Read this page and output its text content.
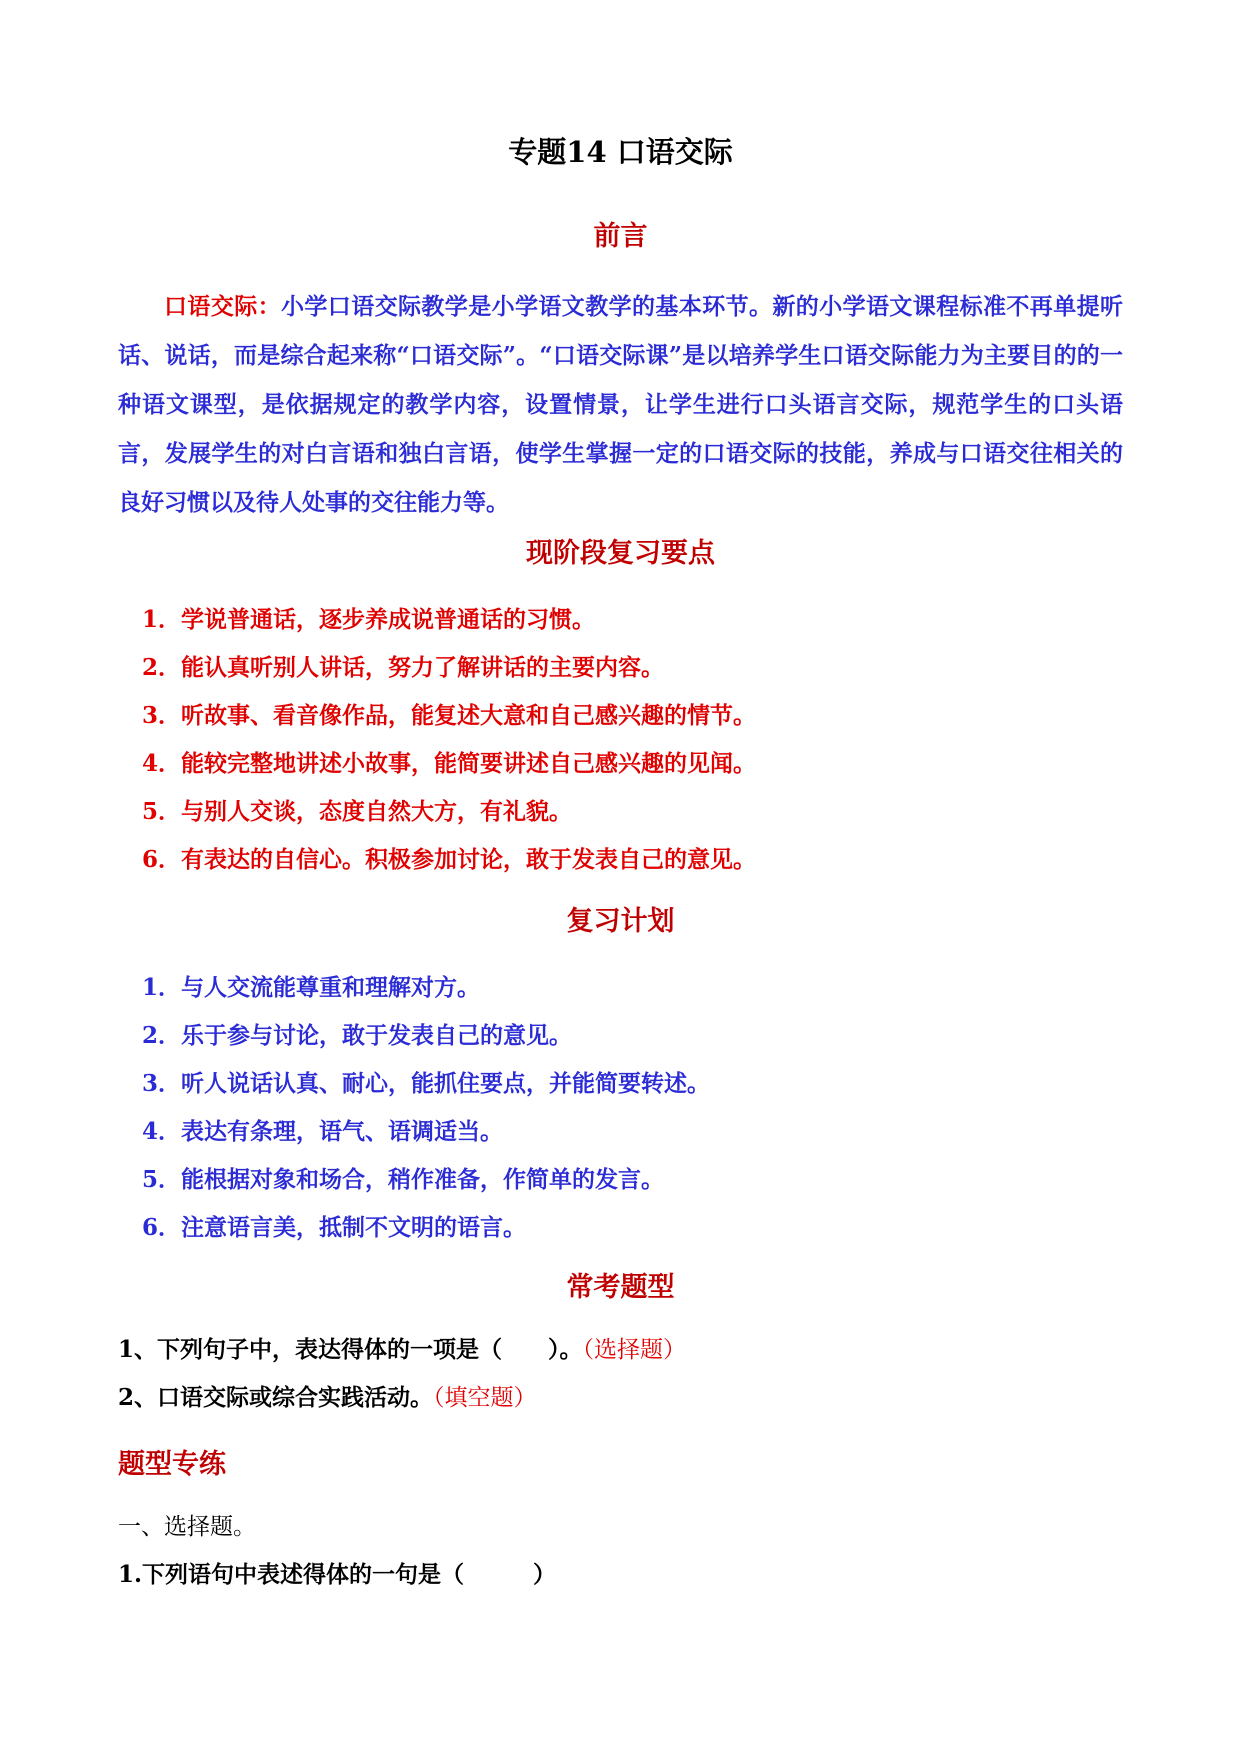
专题14 口语交际
前言
口语交际：小学口语交际教学是小学语文教学的基本环节。新的小学语文课程标准不再单提听话、说话，而是综合起来称“口语交际”。“口语交际课”是以培养学生口语交际能力为主要目的的一种语文课型，是依据规定的教学内容，设置情景，让学生进行口头语言交际，规范学生的口头语言，发展学生的对白言语和独白言语，使学生掌握一定的口语交际的技能，养成与口语交往相关的良好习惯以及待人处事的交往能力等。
现阶段复习要点
1．学说普通话，逐步养成说普通话的习惯。
2．能认真听别人讲话，努力了解讲话的主要内容。
3．听故事、看音像作品，能复述大意和自己感兴趣的情节。
4．能较完整地讲述小故事，能简要讲述自己感兴趣的见闻。
5．与别人交谈，态度自然大方，有礼貌。
6．有表达的自信心。积极参加讨论，敢于发表自己的意见。
复习计划
1．与人交流能尊重和理解对方。
2．乐于参与讨论，敢于发表自己的意见。
3．听人说话认真、耐心，能抓住要点，并能简要转述。
4．表达有条理，语气、语调适当。
5．能根据对象和场合，稍作准备，作简单的发言。
6．注意语言美，抵制不文明的语言。
常考题型
1、下列句子中，表达得体的一项是（　　）。（选择题）
2、口语交际或综合实践活动。（填空题）
题型专练
一、选择题。
1.下列语句中表述得体的一句是（　　　）
